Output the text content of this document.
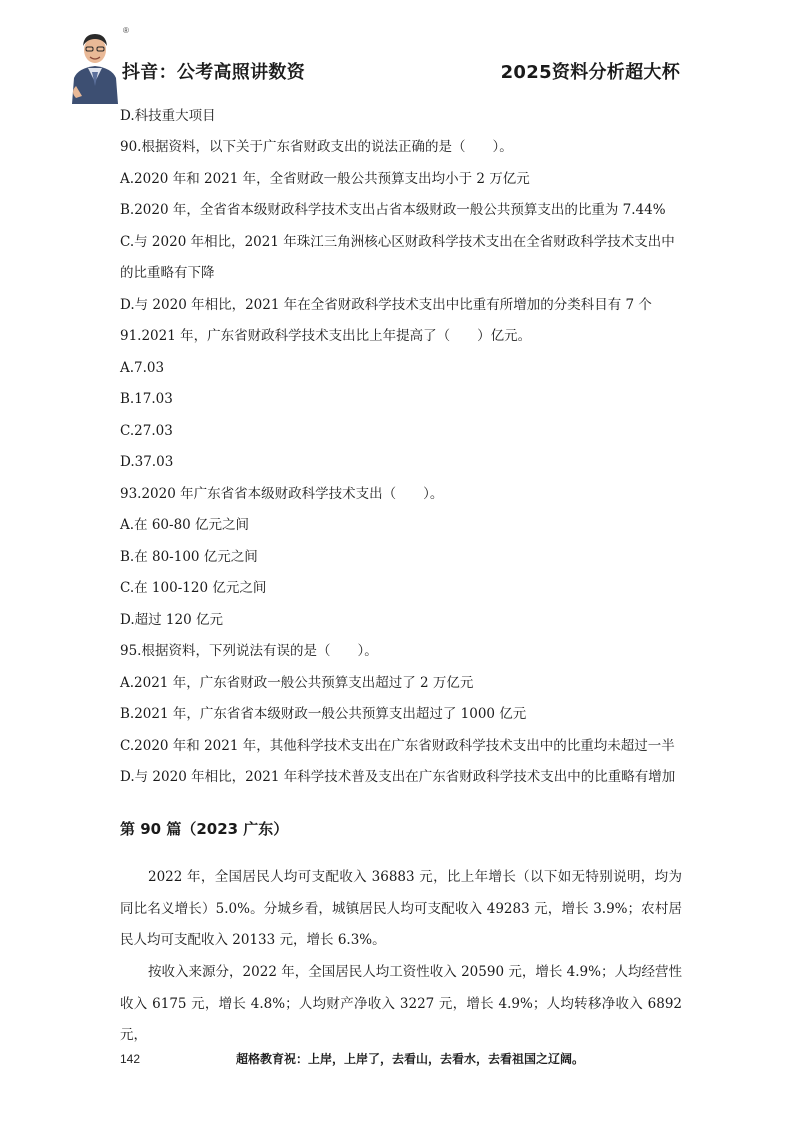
®
抖音：公考高照讲数资	2025资料分析超大杯
D.科技重大项目
90.根据资料，以下关于广东省财政支出的说法正确的是（　　）。
A.2020 年和 2021 年，全省财政一般公共预算支出均小于 2 万亿元
B.2020 年，全省省本级财政科学技术支出占省本级财政一般公共预算支出的比重为 7.44%
C.与 2020 年相比，2021 年珠江三角洲核心区财政科学技术支出在全省财政科学技术支出中
的比重略有下降
D.与 2020 年相比，2021 年在全省财政科学技术支出中比重有所增加的分类科目有 7 个
91.2021 年，广东省财政科学技术支出比上年提高了（　　）亿元。
A.7.03
B.17.03
C.27.03
D.37.03
93.2020 年广东省省本级财政科学技术支出（　　）。
A.在 60-80 亿元之间
B.在 80-100 亿元之间
C.在 100-120 亿元之间
D.超过 120 亿元
95.根据资料，下列说法有误的是（　　）。
A.2021 年，广东省财政一般公共预算支出超过了 2 万亿元
B.2021 年，广东省省本级财政一般公共预算支出超过了 1000 亿元
C.2020 年和 2021 年，其他科学技术支出在广东省财政科学技术支出中的比重均未超过一半
D.与 2020 年相比，2021 年科学技术普及支出在广东省财政科学技术支出中的比重略有增加
第 90 篇（2023 广东）
2022 年，全国居民人均可支配收入 36883 元，比上年增长（以下如无特别说明，均为同比名义增长）5.0%。分城乡看，城镇居民人均可支配收入 49283 元，增长 3.9%；农村居民人均可支配收入 20133 元，增长 6.3%。
按收入来源分，2022 年，全国居民人均工资性收入 20590 元，增长 4.9%；人均经营性收入 6175 元，增长 4.8%；人均财产净收入 3227 元，增长 4.9%；人均转移净收入 6892 元，
142	超格教育祝：上岸，上岸了，去看山，去看水，去看祖国之辽阔。
